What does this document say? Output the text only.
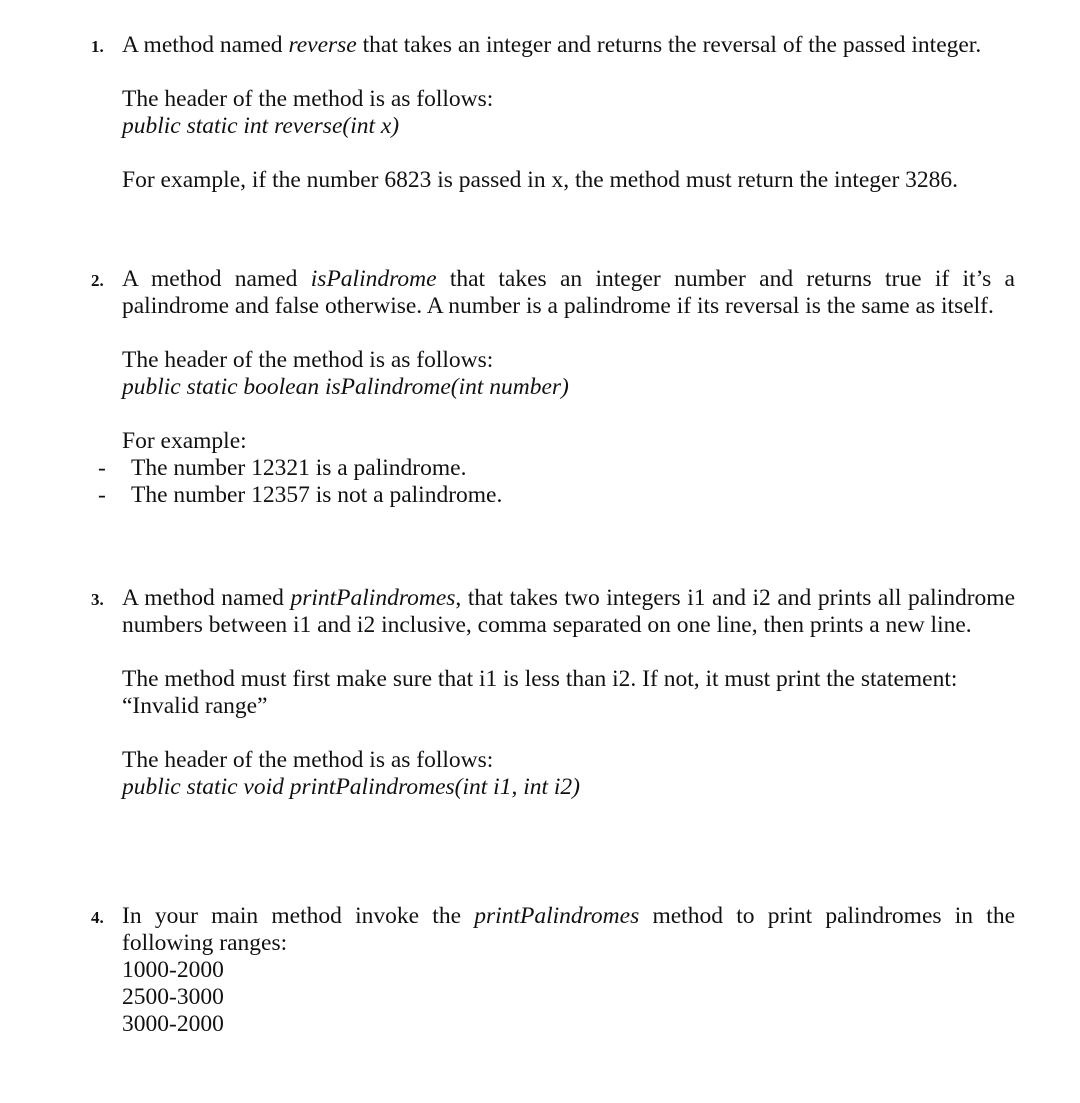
1. A method named reverse that takes an integer and returns the reversal of the passed integer.
The header of the method is as follows:
public static int reverse(int x)
For example, if the number 6823 is passed in x, the method must return the integer 3286.
2. A method named isPalindrome that takes an integer number and returns true if it’s a palindrome and false otherwise. A number is a palindrome if its reversal is the same as itself.
The header of the method is as follows:
public static boolean isPalindrome(int number)
For example:
- The number 12321 is a palindrome.
- The number 12357 is not a palindrome.
3. A method named printPalindromes, that takes two integers i1 and i2 and prints all palindrome numbers between i1 and i2 inclusive, comma separated on one line, then prints a new line.
The method must first make sure that i1 is less than i2. If not, it must print the statement: “Invalid range”
The header of the method is as follows:
public static void printPalindromes(int i1, int i2)
4. In your main method invoke the printPalindromes method to print palindromes in the following ranges:
1000-2000
2500-3000
3000-2000
